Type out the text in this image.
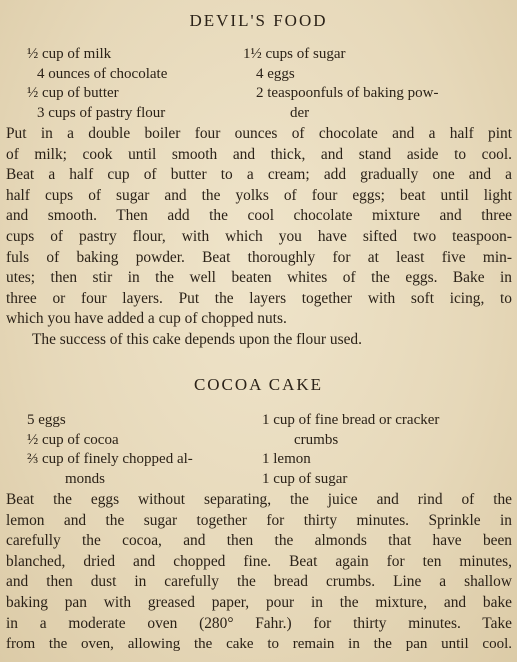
DEVIL'S FOOD
½ cup of milk
4 ounces of chocolate
½ cup of butter
3 cups of pastry flour
1½ cups of sugar
4 eggs
2 teaspoonfuls of baking pow-
der
Put in a double boiler four ounces of chocolate and a half pint
of milk; cook until smooth and thick, and stand aside to cool.
Beat a half cup of butter to a cream; add gradually one and a
half cups of sugar and the yolks of four eggs; beat until light
and smooth. Then add the cool chocolate mixture and three
cups of pastry flour, with which you have sifted two teaspoon-
fuls of baking powder. Beat thoroughly for at least five min-
utes; then stir in the well beaten whites of the eggs. Bake in
three or four layers. Put the layers together with soft icing, to
which you have added a cup of chopped nuts.
The success of this cake depends upon the flour used.
COCOA CAKE
5 eggs
½ cup of cocoa
⅔ cup of finely chopped al-
monds
1 cup of fine bread or cracker
crumbs
1 lemon
1 cup of sugar
Beat the eggs without separating, the juice and rind of the
lemon and the sugar together for thirty minutes. Sprinkle in
carefully the cocoa, and then the almonds that have been
blanched, dried and chopped fine. Beat again for ten minutes,
and then dust in carefully the bread crumbs. Line a shallow
baking pan with greased paper, pour in the mixture, and bake
in a moderate oven (280° Fahr.) for thirty minutes. Take
from the oven, allowing the cake to remain in the pan until cool.
